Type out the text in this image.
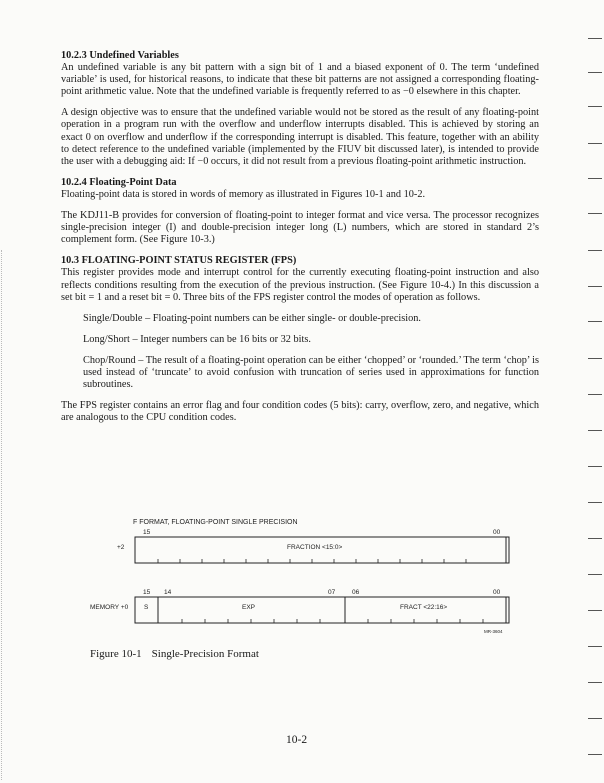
10.2.3 Undefined Variables

An undefined variable is any bit pattern with a sign bit of 1 and a biased exponent of 0. The term ‘undefined variable’ is used, for historical reasons, to indicate that these bit patterns are not assigned a corresponding floating-point arithmetic value. Note that the undefined variable is frequently referred to as −0 elsewhere in this chapter.

A design objective was to ensure that the undefined variable would not be stored as the result of any floating-point operation in a program run with the overflow and underflow interrupts disabled. This is achieved by storing an exact 0 on overflow and underflow if the corresponding interrupt is disabled. This feature, together with an ability to detect reference to the undefined variable (implemented by the FIUV bit discussed later), is intended to provide the user with a debugging aid: If −0 occurs, it did not result from a previous floating-point arithmetic instruction.

10.2.4 Floating-Point Data

Floating-point data is stored in words of memory as illustrated in Figures 10-1 and 10-2.

The KDJ11-B provides for conversion of floating-point to integer format and vice versa. The processor recognizes single-precision integer (I) and double-precision integer long (L) numbers, which are stored in standard 2’s complement form. (See Figure 10-3.)

10.3 FLOATING-POINT STATUS REGISTER (FPS)

This register provides mode and interrupt control for the currently executing floating-point instruction and also reflects conditions resulting from the execution of the previous instruction. (See Figure 10-4.) In this discussion a set bit = 1 and a reset bit = 0. Three bits of the FPS register control the modes of operation as follows.

Single/Double – Floating-point numbers can be either single- or double-precision.

Long/Short – Integer numbers can be 16 bits or 32 bits.

Chop/Round – The result of a floating-point operation can be either ‘chopped’ or ‘rounded.’ The term ‘chop’ is used instead of ‘truncate’ to avoid confusion with truncation of series used in approximations for function subroutines.

The FPS register contains an error flag and four condition codes (5 bits): carry, overflow, zero, and negative, which are analogous to the CPU condition codes.

F FORMAT, FLOATING-POINT SINGLE PRECISION
15	00
+2	FRACTION <15:0>
15 14	07	06	00
MEMORY +0 S	EXP	FRACT <22:16>
MR-3604
Figure 10-1 Single-Precision Format
10-2
